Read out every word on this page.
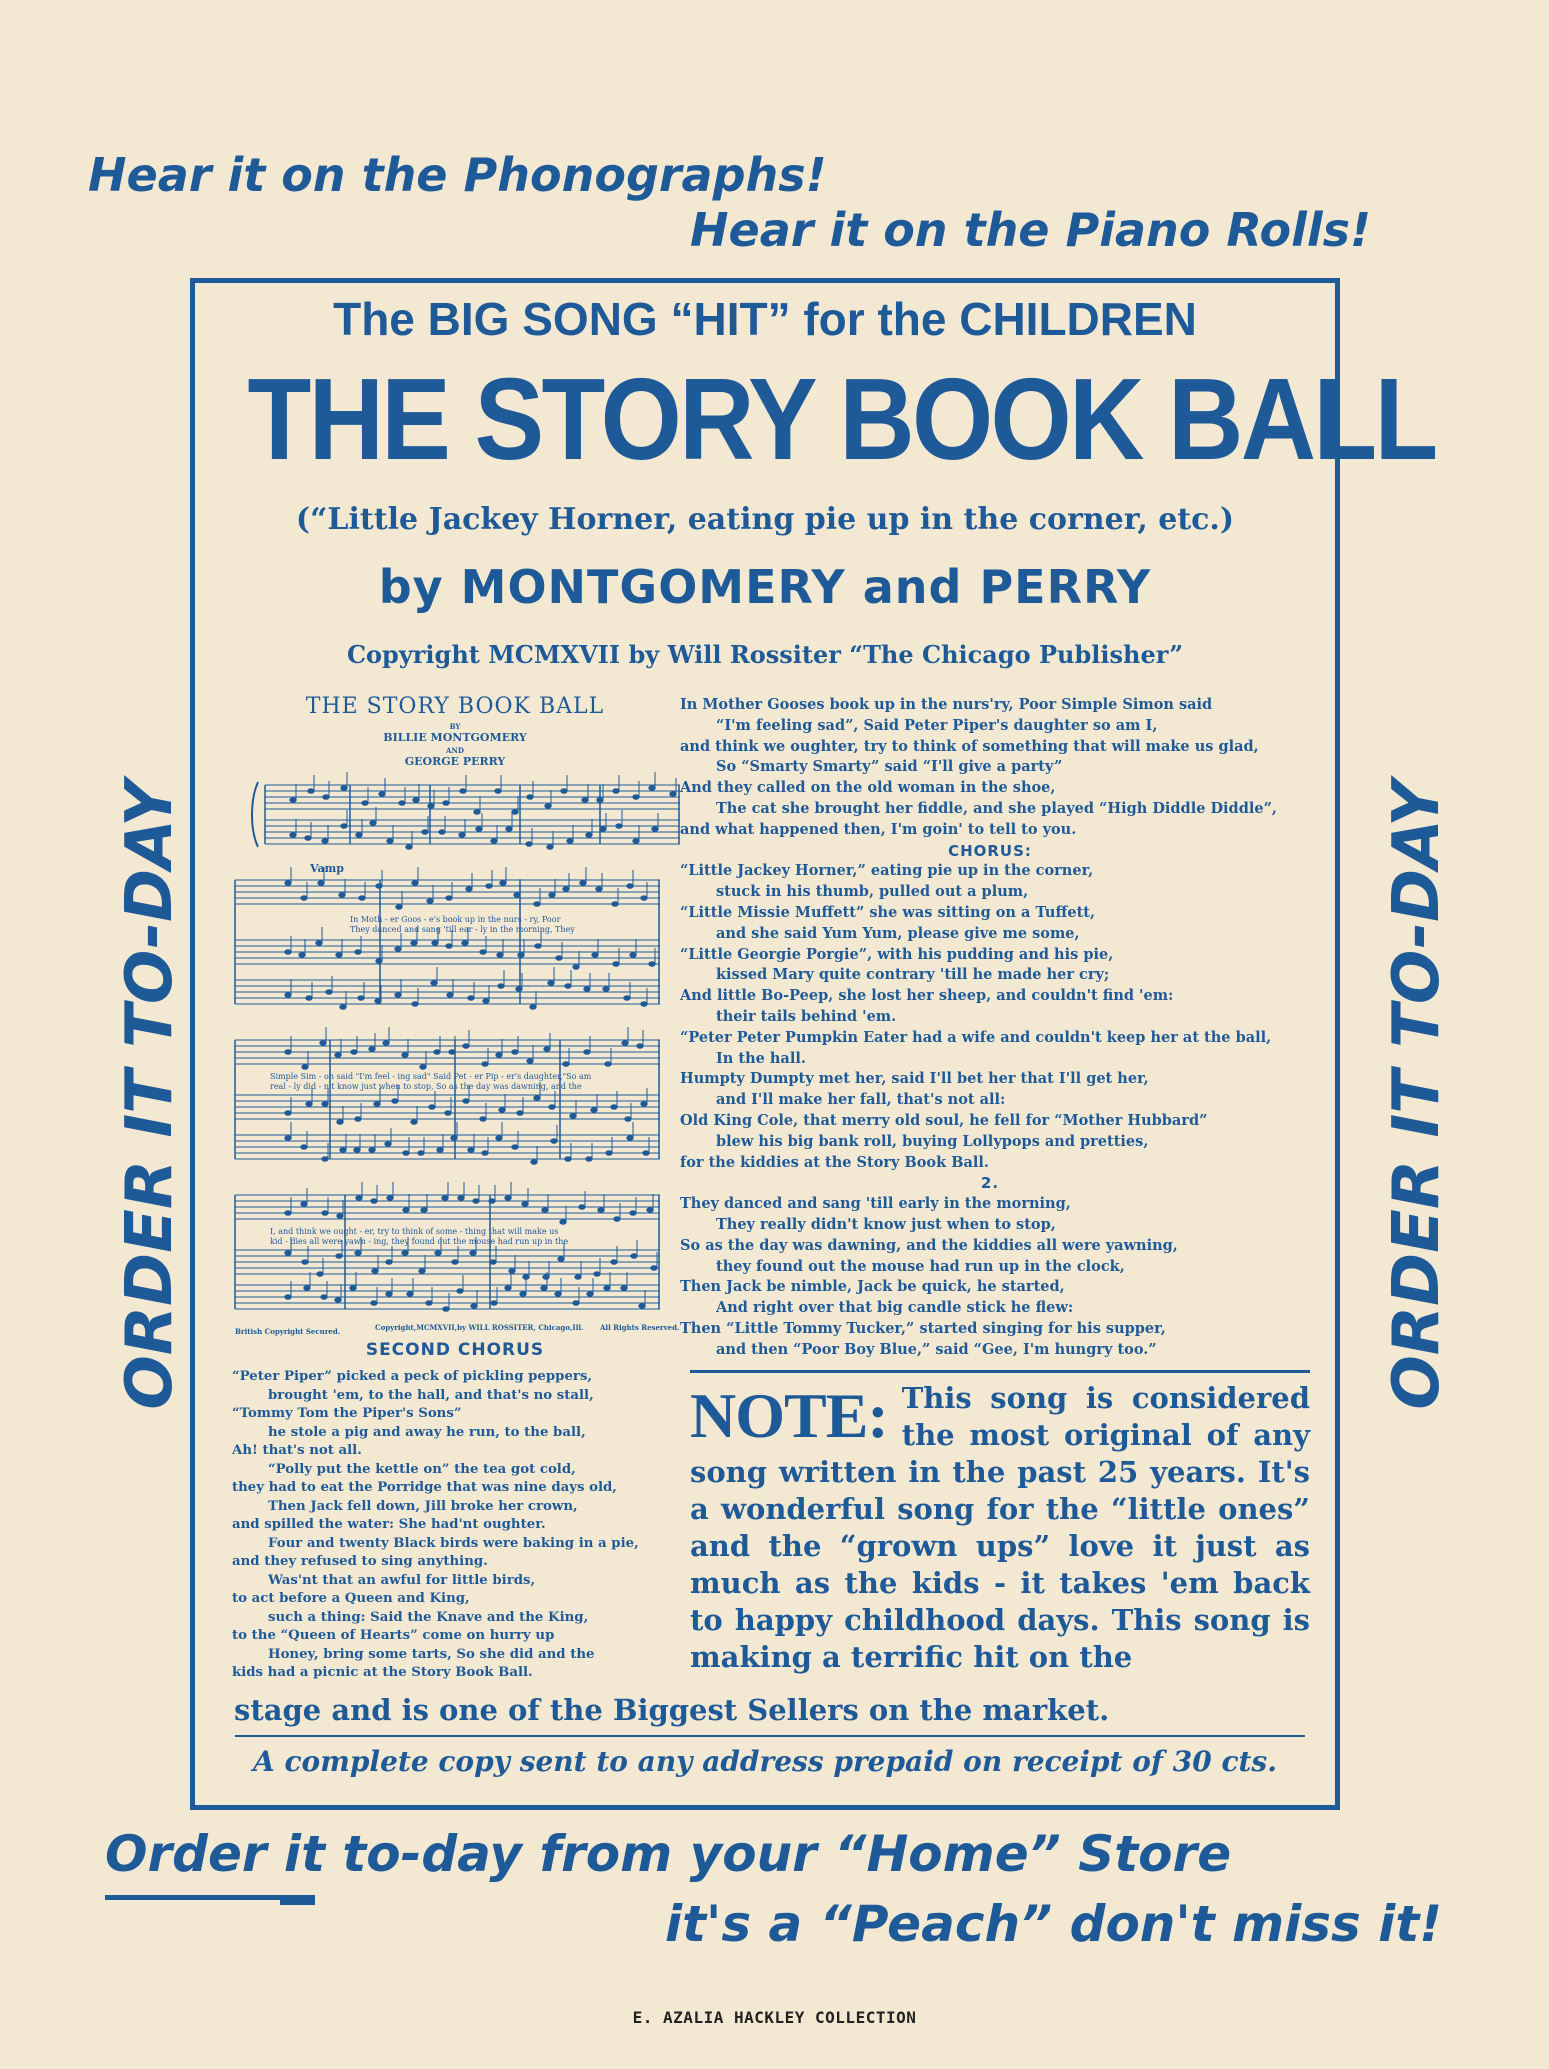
Hear it on the Phonographs!
Hear it on the Piano Rolls!
ORDER IT TO-DAY	ORDER IT TO-DAY
The BIG SONG “HIT” for the CHILDREN
THE STORY BOOK BALL
(“Little Jackey Horner, eating pie up in the corner, etc.)
by MONTGOMERY and PERRY
Copyright MCMXVII by Will Rossiter “The Chicago Publisher”
THE STORY BOOK BALL
BY
BILLIE MONTGOMERY
AND
GEORGE PERRY
Vamp
In Moth - er Goos - e's book up in the nurs - ry, Poor
They danced and sang 'till ear - ly in the morning, They
Simple Sim - on said "I'm feel - ing sad" Said Pet - er Pip - er's daughter,"So am
real - ly did - n't know just when to stop, So as the day was dawning, and the
I, and think we ought - er, try to think of some - thing that will make us
kid - dies all were yawn - ing, they found out the mouse had run up in the
British Copyright Secured.	Copyright,MCMXVII,by WILL ROSSITER, Chicago,Ill. All Rights Reserved.
In Mother Gooses book up in the nurs'ry, Poor Simple Simon said
“I'm feeling sad”, Said Peter Piper's daughter so am I,
and think we oughter, try to think of something that will make us glad,
So “Smarty Smarty” said “I'll give a party”
And they called on the old woman in the shoe,
The cat she brought her fiddle, and she played “High Diddle Diddle”,
and what happened then, I'm goin' to tell to you.
CHORUS:
“Little Jackey Horner,” eating pie up in the corner,
stuck in his thumb, pulled out a plum,
“Little Missie Muffett” she was sitting on a Tuffett,
and she said Yum Yum, please give me some,
“Little Georgie Porgie”, with his pudding and his pie,
kissed Mary quite contrary 'till he made her cry;
And little Bo-Peep, she lost her sheep, and couldn't find 'em:
their tails behind 'em.
“Peter Peter Pumpkin Eater had a wife and couldn't keep her at the ball,
In the hall.
Humpty Dumpty met her, said I'll bet her that I'll get her,
and I'll make her fall, that's not all:
Old King Cole, that merry old soul, he fell for “Mother Hubbard”
blew his big bank roll, buying Lollypops and pretties,
for the kiddies at the Story Book Ball.
2.
They danced and sang 'till early in the morning,
They really didn't know just when to stop,
So as the day was dawning, and the kiddies all were yawning,
they found out the mouse had run up in the clock,
Then Jack be nimble, Jack be quick, he started,
And right over that big candle stick he flew:
Then “Little Tommy Tucker,” started singing for his supper,
and then “Poor Boy Blue,” said “Gee, I'm hungry too.”
SECOND CHORUS
“Peter Piper” picked a peck of pickling peppers,
brought 'em, to the hall, and that's no stall,
“Tommy Tom the Piper's Sons”
he stole a pig and away he run, to the ball,
Ah! that's not all.
“Polly put the kettle on” the tea got cold,
they had to eat the Porridge that was nine days old,
Then Jack fell down, Jill broke her crown,
and spilled the water: She had'nt oughter.
Four and twenty Black birds were baking in a pie,
and they refused to sing anything.
Was'nt that an awful for little birds,
to act before a Queen and King,
such a thing: Said the Knave and the King,
to the “Queen of Hearts” come on hurry up
Honey, bring some tarts, So she did and the
kids had a picnic at the Story Book Ball.
NOTE: This song is considered the most original of any song written in the past 25 years. It's a wonderful song for the “little ones” and the “grown ups” love it just as much as the kids - it takes 'em back to happy childhood days. This song is making a terrific hit on the
stage and is one of the Biggest Sellers on the market.
A complete copy sent to any address prepaid on receipt of 30 cts.
Order it to-day from your “Home” Store
it's a “Peach” don't miss it!
E. AZALIA HACKLEY COLLECTION
